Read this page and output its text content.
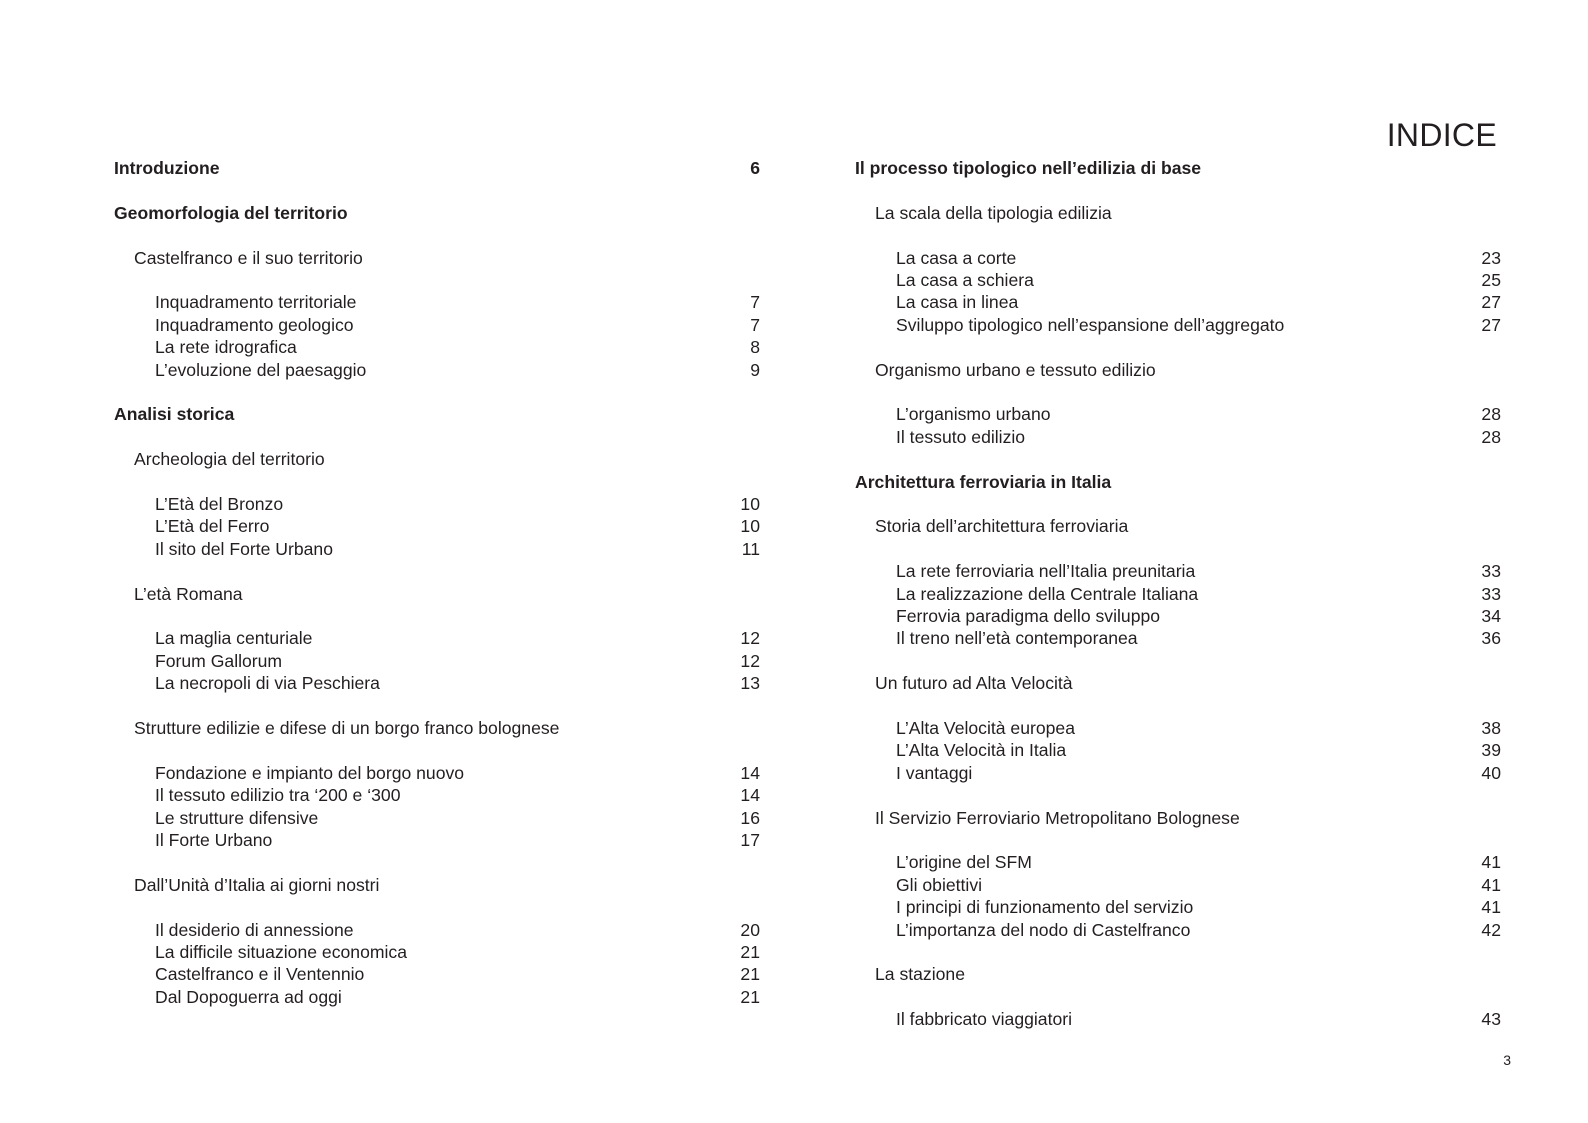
INDICE
Introduzione	6
Geomorfologia del territorio
Castelfranco e il suo territorio
Inquadramento territoriale	7
Inquadramento geologico	7
La rete idrografica	8
L’evoluzione del paesaggio	9
Analisi storica
Archeologia del territorio
L’Età del Bronzo	10
L’Età del Ferro	10
Il sito del Forte Urbano	11
L’età Romana
La maglia centuriale	12
Forum Gallorum	12
La necropoli di via Peschiera	13
Strutture edilizie e difese di un borgo franco bolognese
Fondazione e impianto del borgo nuovo	14
Il tessuto edilizio tra ‘200 e ‘300	14
Le strutture difensive	16
Il Forte Urbano	17
Dall’Unità d’Italia ai giorni nostri
Il desiderio di annessione	20
La difficile situazione economica	21
Castelfranco e il Ventennio	21
Dal Dopoguerra ad oggi	21
Il processo tipologico nell’edilizia di base
La scala della tipologia edilizia
La casa a corte	23
La casa a schiera	25
La casa in linea	27
Sviluppo tipologico nell’espansione dell’aggregato	27
Organismo urbano e tessuto edilizio
L’organismo urbano	28
Il tessuto edilizio	28
Architettura ferroviaria in Italia
Storia dell’architettura ferroviaria
La rete ferroviaria nell’Italia preunitaria	33
La realizzazione della Centrale Italiana	33
Ferrovia paradigma dello sviluppo	34
Il treno nell’età contemporanea	36
Un futuro ad Alta Velocità
L’Alta Velocità europea	38
L’Alta Velocità in Italia	39
I vantaggi	40
Il Servizio Ferroviario Metropolitano Bolognese
L’origine del SFM	41
Gli obiettivi	41
I principi di funzionamento del servizio	41
L’importanza del nodo di Castelfranco	42
La stazione
Il fabbricato viaggiatori	43
3
